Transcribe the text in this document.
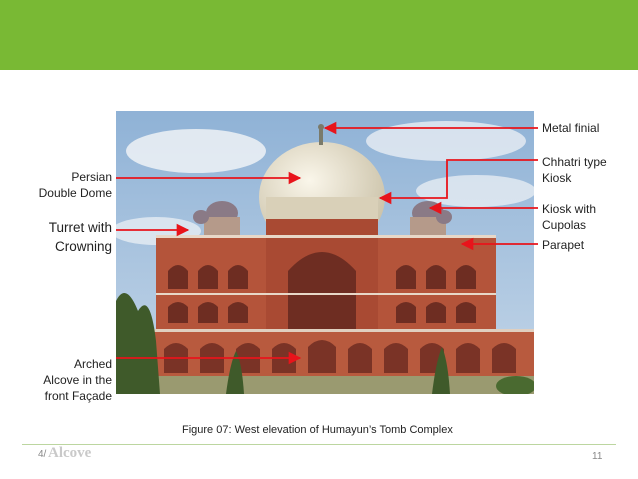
Persian
Double Dome
Turret with
Crowning
Arched
Alcove in the
front Façade
Metal finial
Chhatri type
Kiosk
Kiosk with
Cupolas
Parapet
Figure 07: West elevation of Humayun’s Tomb Complex
4/ Alcove	11
